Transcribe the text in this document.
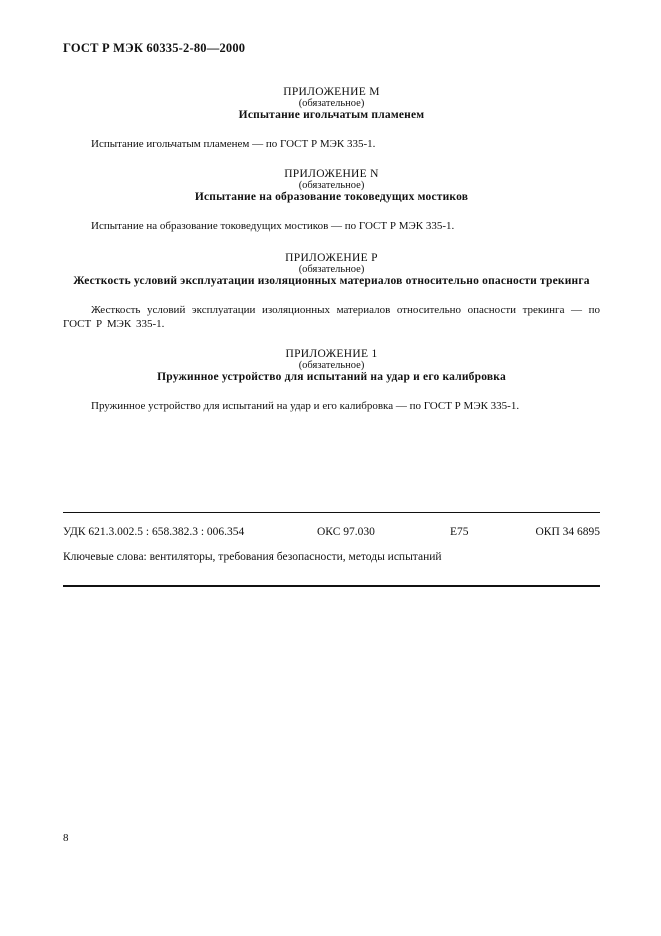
ГОСТ Р МЭК 60335-2-80—2000
ПРИЛОЖЕНИЕ M
(обязательное)
Испытание игольчатым пламенем

Испытание игольчатым пламенем — по ГОСТ Р МЭК 335-1.

ПРИЛОЖЕНИЕ N
(обязательное)
Испытание на образование токоведущих мостиков

Испытание на образование токоведущих мостиков — по ГОСТ Р МЭК 335-1.

ПРИЛОЖЕНИЕ P
(обязательное)
Жесткость условий эксплуатации изоляционных материалов относительно опасности трекинга

Жесткость условий эксплуатации изоляционных материалов относительно опасности трекинга — по ГОСТ Р МЭК 335-1.

ПРИЛОЖЕНИЕ 1
(обязательное)
Пружинное устройство для испытаний на удар и его калибровка

Пружинное устройство для испытаний на удар и его калибровка — по ГОСТ Р МЭК 335-1.

УДК 621.3.002.5 : 658.382.3 : 006.354	ОКС 97.030	Е75	ОКП 34 6895
Ключевые слова: вентиляторы, требования безопасности, методы испытаний
8
